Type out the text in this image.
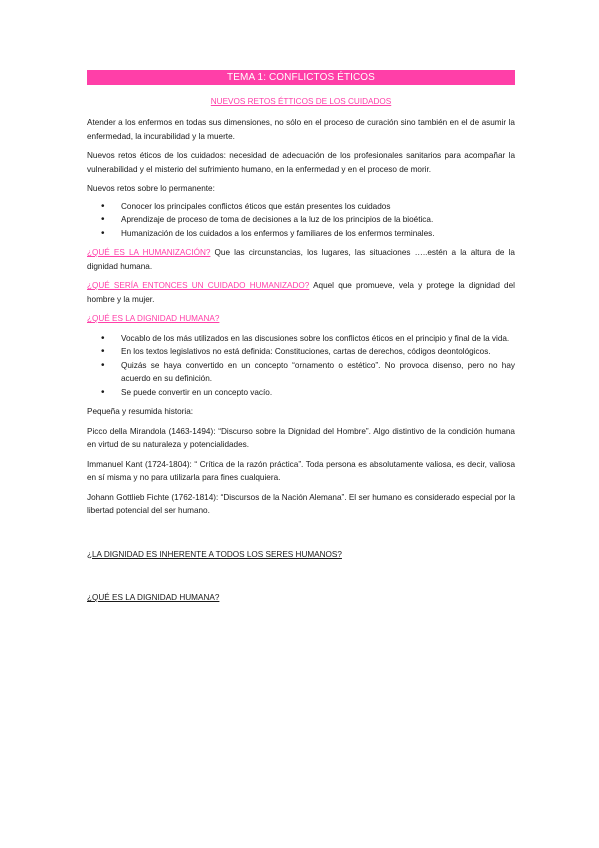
TEMA 1: CONFLICTOS ÉTICOS
NUEVOS RETOS ÉTTICOS DE LOS CUIDADOS

Atender a los enfermos en todas sus dimensiones, no sólo en el proceso de curación sino también en el de asumir la enfermedad, la incurabilidad y la muerte.

Nuevos retos éticos de los cuidados: necesidad de adecuación de los profesionales sanitarios para acompañar la vulnerabilidad y el misterio del sufrimiento humano, en la enfermedad y en el proceso de morir.

Nuevos retos sobre lo permanente:

• Conocer los principales conflictos éticos que están presentes los cuidados
• Aprendizaje de proceso de toma de decisiones a la luz de los principios de la bioética.
• Humanización de los cuidados a los enfermos y familiares de los enfermos terminales.

¿QUÉ ES LA HUMANIZACIÓN? Que las circunstancias, los lugares, las situaciones …..estén a la altura de la dignidad humana.

¿QUÉ SERÍA ENTONCES UN CUIDADO HUMANIZADO? Aquel que promueve, vela y protege la dignidad del hombre y la mujer.

¿QUÉ ES LA DIGNIDAD HUMANA?

• Vocablo de los más utilizados en las discusiones sobre los conflictos éticos en el principio y final de la vida.
• En los textos legislativos no está definida: Constituciones, cartas de derechos, códigos deontológicos.
• Quizás se haya convertido en un concepto “ornamento o estético”. No provoca disenso, pero no hay acuerdo en su definición.
• Se puede convertir en un concepto vacío.

Pequeña y resumida historia:

Picco della Mirandola (1463-1494): “Discurso sobre la Dignidad del Hombre”. Algo distintivo de la condición humana en virtud de su naturaleza y potencialidades.

Immanuel Kant (1724-1804): “ Crítica de la razón práctica”. Toda persona es absolutamente valiosa, es decir, valiosa en sí misma y no para utilizarla para fines cualquiera.

Johann Gottlieb Fichte (1762-1814): “Discursos de la Nación Alemana”. El ser humano es considerado especial por la libertad potencial del ser humano.

¿LA DIGNIDAD ES INHERENTE A TODOS LOS SERES HUMANOS?

¿QUÉ ES LA DIGNIDAD HUMANA?
